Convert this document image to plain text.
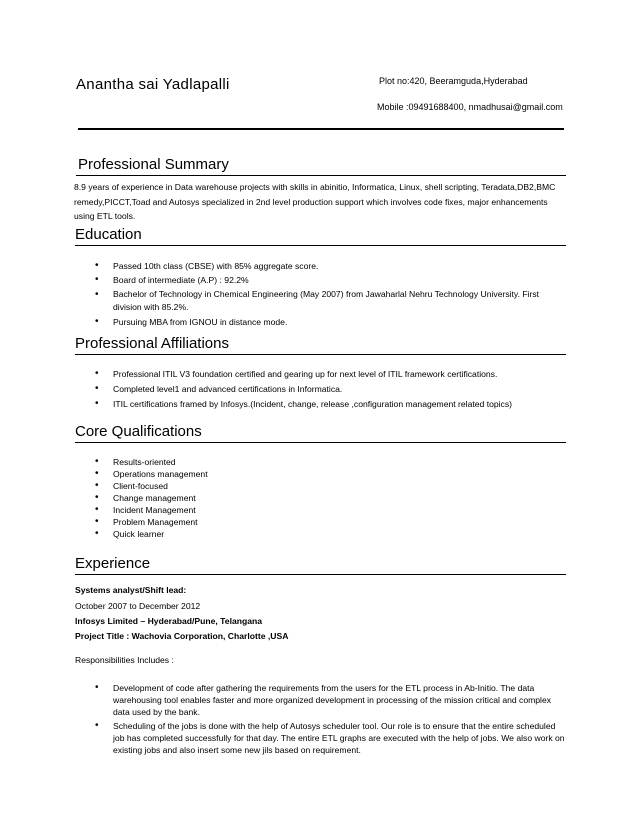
Anantha sai Yadlapalli	Plot no:420, Beeramguda,Hyderabad
Mobile :09491688400, nmadhusai@gmail.com
Professional Summary
8.9 years of experience in Data warehouse projects with skills in abinitio, Informatica, Linux, shell scripting, Teradata,DB2,BMC remedy,PICCT,Toad and Autosys specialized in 2nd level production support which involves code fixes, major enhancements using ETL tools.
Education
• Passed 10th class (CBSE) with 85% aggregate score.
• Board of intermediate (A.P) : 92.2%
• Bachelor of Technology in Chemical Engineering (May 2007) from Jawaharlal Nehru Technology University. First division with 85.2%.
• Pursuing MBA from IGNOU in distance mode.
Professional Affiliations
• Professional ITIL V3 foundation certified and gearing up for next level of ITIL framework certifications.
• Completed level1 and advanced certifications in Informatica.
• ITIL certifications framed by Infosys.(Incident, change, release ,configuration management related topics)
Core Qualifications
• Results-oriented
• Operations management
• Client-focused
• Change management
• Incident Management
• Problem Management
• Quick learner
Experience
Systems analyst/Shift lead:
October 2007 to December 2012
Infosys Limited – Hyderabad/Pune, Telangana
Project Title : Wachovia Corporation, Charlotte ,USA
Responsibilities Includes :
• Development of code after gathering the requirements from the users for the ETL process in Ab-Initio. The data warehousing tool enables faster and more organized development in processing of the mission critical and complex data used by the bank.
• Scheduling of the jobs is done with the help of Autosys scheduler tool. Our role is to ensure that the entire scheduled job has completed successfully for that day. The entire ETL graphs are executed with the help of jobs. We also work on existing jobs and also insert some new jils based on requirement.
